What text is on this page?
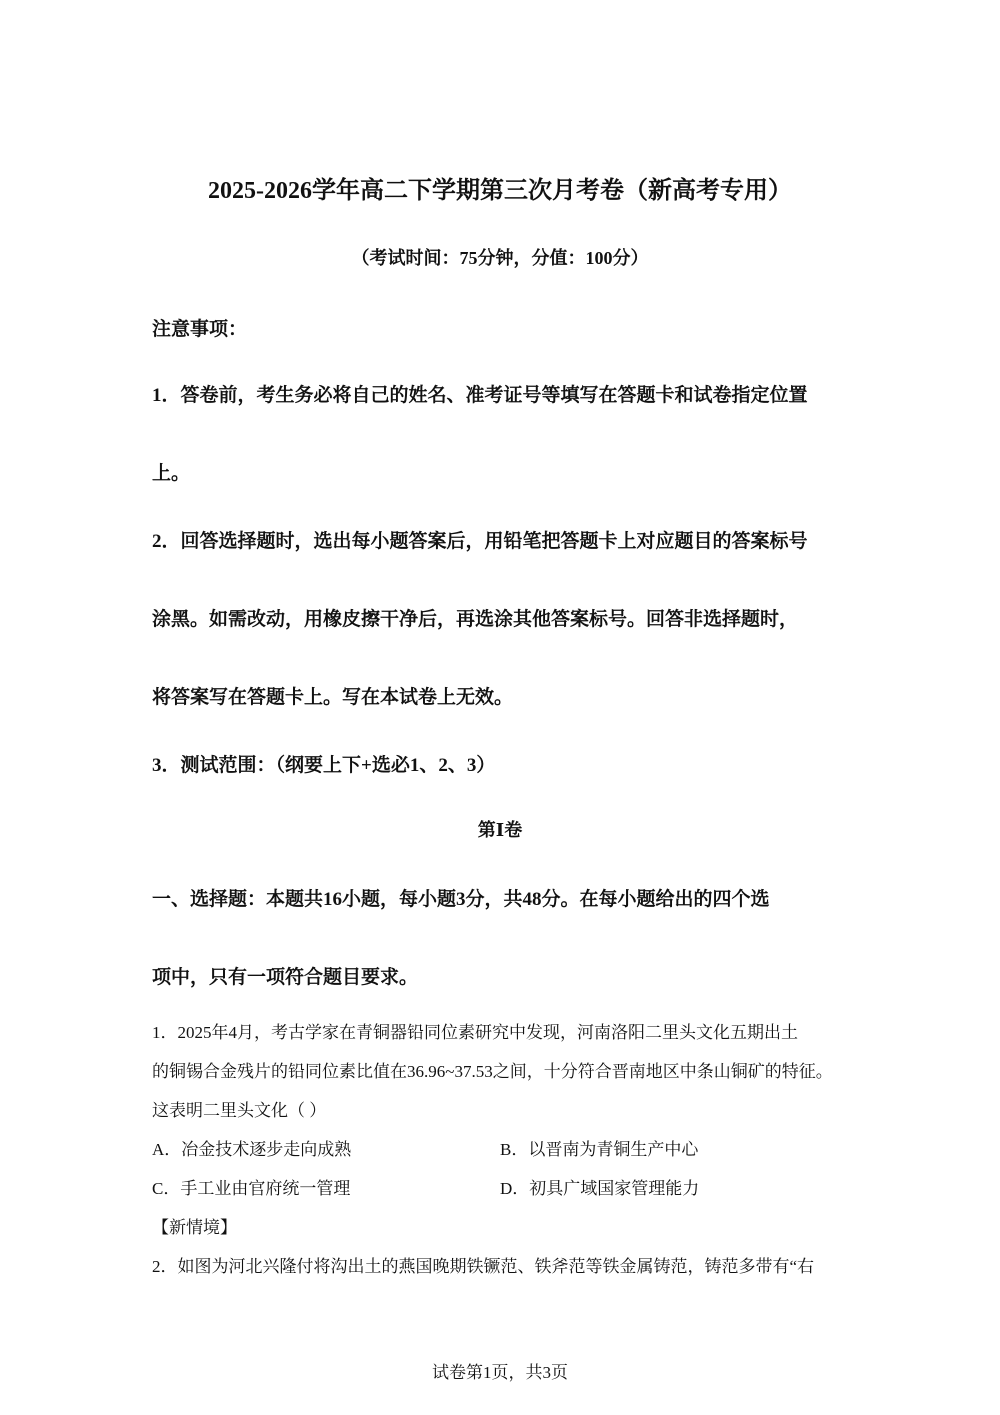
2025-2026学年高二下学期第三次月考卷（新高考专用）
（考试时间：75分钟，分值：100分）
注意事项：
1．答卷前，考生务必将自己的姓名、准考证号等填写在答题卡和试卷指定位置
上。
2．回答选择题时，选出每小题答案后，用铅笔把答题卡上对应题目的答案标号
涂黑。如需改动，用橡皮擦干净后，再选涂其他答案标号。回答非选择题时，
将答案写在答题卡上。写在本试卷上无效。
3．测试范围：（纲要上下+选必1、2、3）
第Ⅰ卷
一、选择题：本题共16小题，每小题3分，共48分。在每小题给出的四个选
项中，只有一项符合题目要求。
1．2025年4月，考古学家在青铜器铅同位素研究中发现，河南洛阳二里头文化五期出土
的铜锡合金残片的铅同位素比值在36.96~37.53之间，十分符合晋南地区中条山铜矿的特征。
这表明二里头文化（ ）
A．冶金技术逐步走向成熟	B．以晋南为青铜生产中心
C．手工业由官府统一管理	D．初具广域国家管理能力
【新情境】
2．如图为河北兴隆付将沟出土的燕国晚期铁镢范、铁斧范等铁金属铸范，铸范多带有“右
试卷第1页，共3页
